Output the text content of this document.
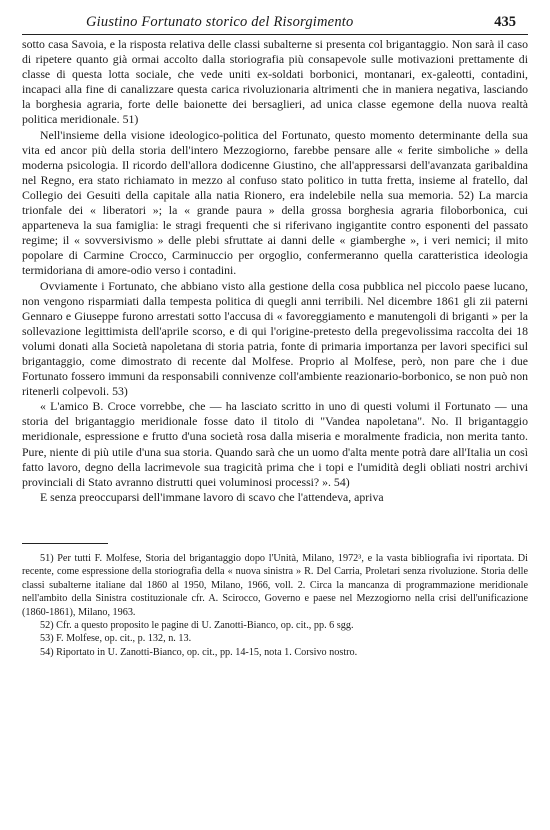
Giustino Fortunato storico del Risorgimento	435

sotto casa Savoia, e la risposta relativa delle classi subalterne si presenta col brigantaggio. Non sarà il caso di ripetere quanto già ormai accolto dalla storiografia più consapevole sulle motivazioni prettamente di classe di questa lotta sociale, che vede uniti ex-soldati borbonici, montanari, ex-galeotti, contadini, incapaci alla fine di canalizzare questa carica rivoluzionaria altrimenti che in maniera negativa, lasciando la borghesia agraria, forte delle baionette dei bersaglieri, ad unica classe egemone della nuova realtà politica meridionale. 51)

Nell'insieme della visione ideologico-politica del Fortunato, questo momento determinante della sua vita ed ancor più della storia dell'intero Mezzogiorno, farebbe pensare alle « ferite simboliche » della moderna psicologia. Il ricordo dell'allora dodicenne Giustino, che all'appressarsi dell'avanzata garibaldina nel Regno, era stato richiamato in mezzo al confuso stato politico in tutta fretta, insieme al fratello, dal Collegio dei Gesuiti della capitale alla natia Rionero, era indelebile nella sua memoria. 52) La marcia trionfale dei « liberatori »; la « grande paura » della grossa borghesia agraria filoborbonica, cui apparteneva la sua famiglia: le stragi frequenti che si riferivano ingigantite contro esponenti del passato regime; il « sovversivismo » delle plebi sfruttate ai danni delle « giamberghe », i veri nemici; il mito popolare di Carmine Crocco, Carminuccio per orgoglio, confermeranno quella caratteristica ideologia termidoriana di amore-odio verso i contadini.

Ovviamente i Fortunato, che abbiano visto alla gestione della cosa pubblica nel piccolo paese lucano, non vengono risparmiati dalla tempesta politica di quegli anni terribili. Nel dicembre 1861 gli zii paterni Gennaro e Giuseppe furono arrestati sotto l'accusa di « favoreggiamento e manutengoli di briganti » per la sollevazione legittimista dell'aprile scorso, e di qui l'origine-pretesto della pregevolissima raccolta dei 18 volumi donati alla Società napoletana di storia patria, fonte di primaria importanza per lavori specifici sul brigantaggio, come dimostrato di recente dal Molfese. Proprio al Molfese, però, non pare che i due Fortunato fossero immuni da responsabili connivenze coll'ambiente reazionario-borbonico, se non può non ritenerli colpevoli. 53)

« L'amico B. Croce vorrebbe, che — ha lasciato scritto in uno di questi volumi il Fortunato — una storia del brigantaggio meridionale fosse dato il titolo di "Vandea napoletana". No. Il brigantaggio meridionale, espressione e frutto d'una società rosa dalla miseria e moralmente fradicia, non merita tanto. Pure, niente di più utile d'una sua storia. Quando sarà che un uomo d'alta mente potrà dare all'Italia un così fatto lavoro, degno della lacrimevole sua tragicità prima che i topi e l'umidità degli obliati nostri archivi provinciali di Stato avranno distrutti quei voluminosi processi? ». 54)

E senza preoccuparsi dell'immane lavoro di scavo che l'attendeva, apriva

51) Per tutti F. Molfese, Storia del brigantaggio dopo l'Unità, Milano, 1972³, e la vasta bibliografia ivi riportata. Di recente, come espressione della storiografia della « nuova sinistra » R. Del Carria, Proletari senza rivoluzione. Storia delle classi subalterne italiane dal 1860 al 1950, Milano, 1966, voll. 2. Circa la mancanza di programmazione meridionale nell'ambito della Sinistra costituzionale cfr. A. Scirocco, Governo e paese nel Mezzogiorno nella crisi dell'unificazione (1860-1861), Milano, 1963.

52) Cfr. a questo proposito le pagine di U. Zanotti-Bianco, op. cit., pp. 6 sgg.

53) F. Molfese, op. cit., p. 132, n. 13.

54) Riportato in U. Zanotti-Bianco, op. cit., pp. 14-15, nota 1. Corsivo nostro.
